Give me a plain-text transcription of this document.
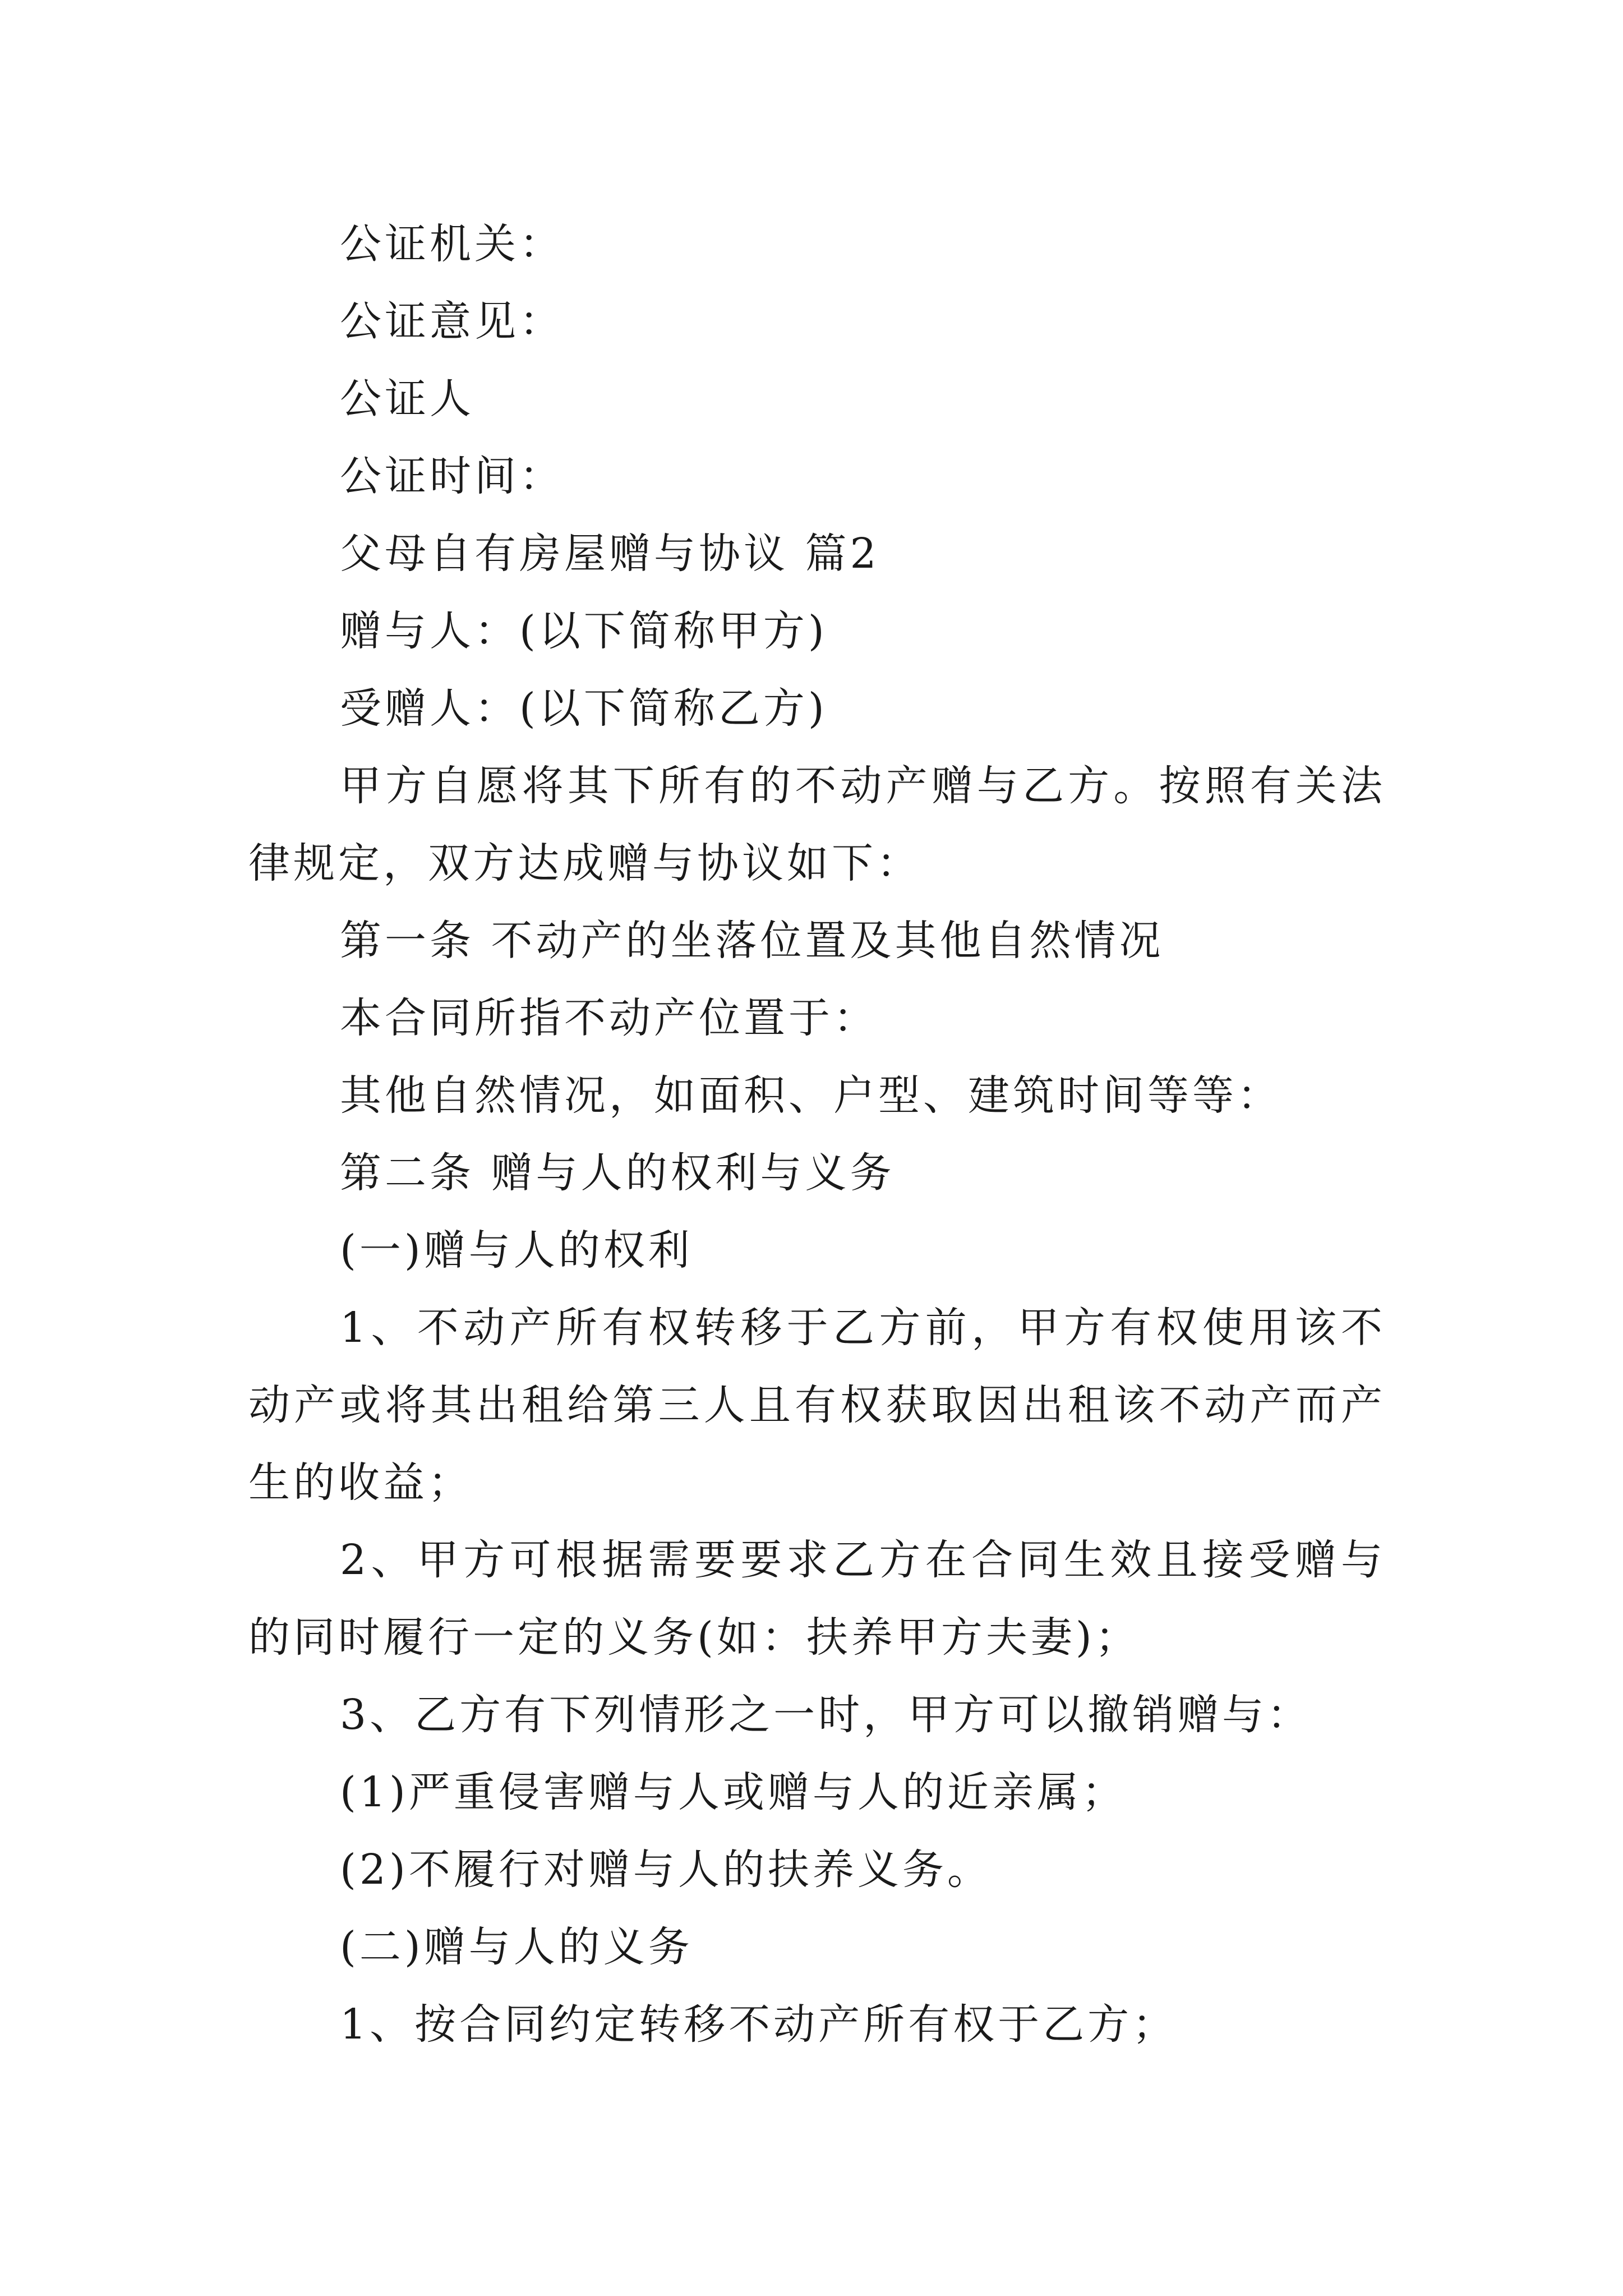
公证机关：

公证意见：

公证人

公证时间：

父母自有房屋赠与协议 篇2

赠与人：(以下简称甲方)

受赠人：(以下简称乙方)

甲方自愿将其下所有的不动产赠与乙方。按照有关法律规定，双方达成赠与协议如下：

第一条 不动产的坐落位置及其他自然情况

本合同所指不动产位置于：

其他自然情况，如面积、户型、建筑时间等等：

第二条 赠与人的权利与义务

(一)赠与人的权利

1、不动产所有权转移于乙方前，甲方有权使用该不动产或将其出租给第三人且有权获取因出租该不动产而产生的收益；

2、甲方可根据需要要求乙方在合同生效且接受赠与的同时履行一定的义务(如：扶养甲方夫妻)；

3、乙方有下列情形之一时，甲方可以撤销赠与：

(1)严重侵害赠与人或赠与人的近亲属；

(2)不履行对赠与人的扶养义务。

(二)赠与人的义务

1、按合同约定转移不动产所有权于乙方；
